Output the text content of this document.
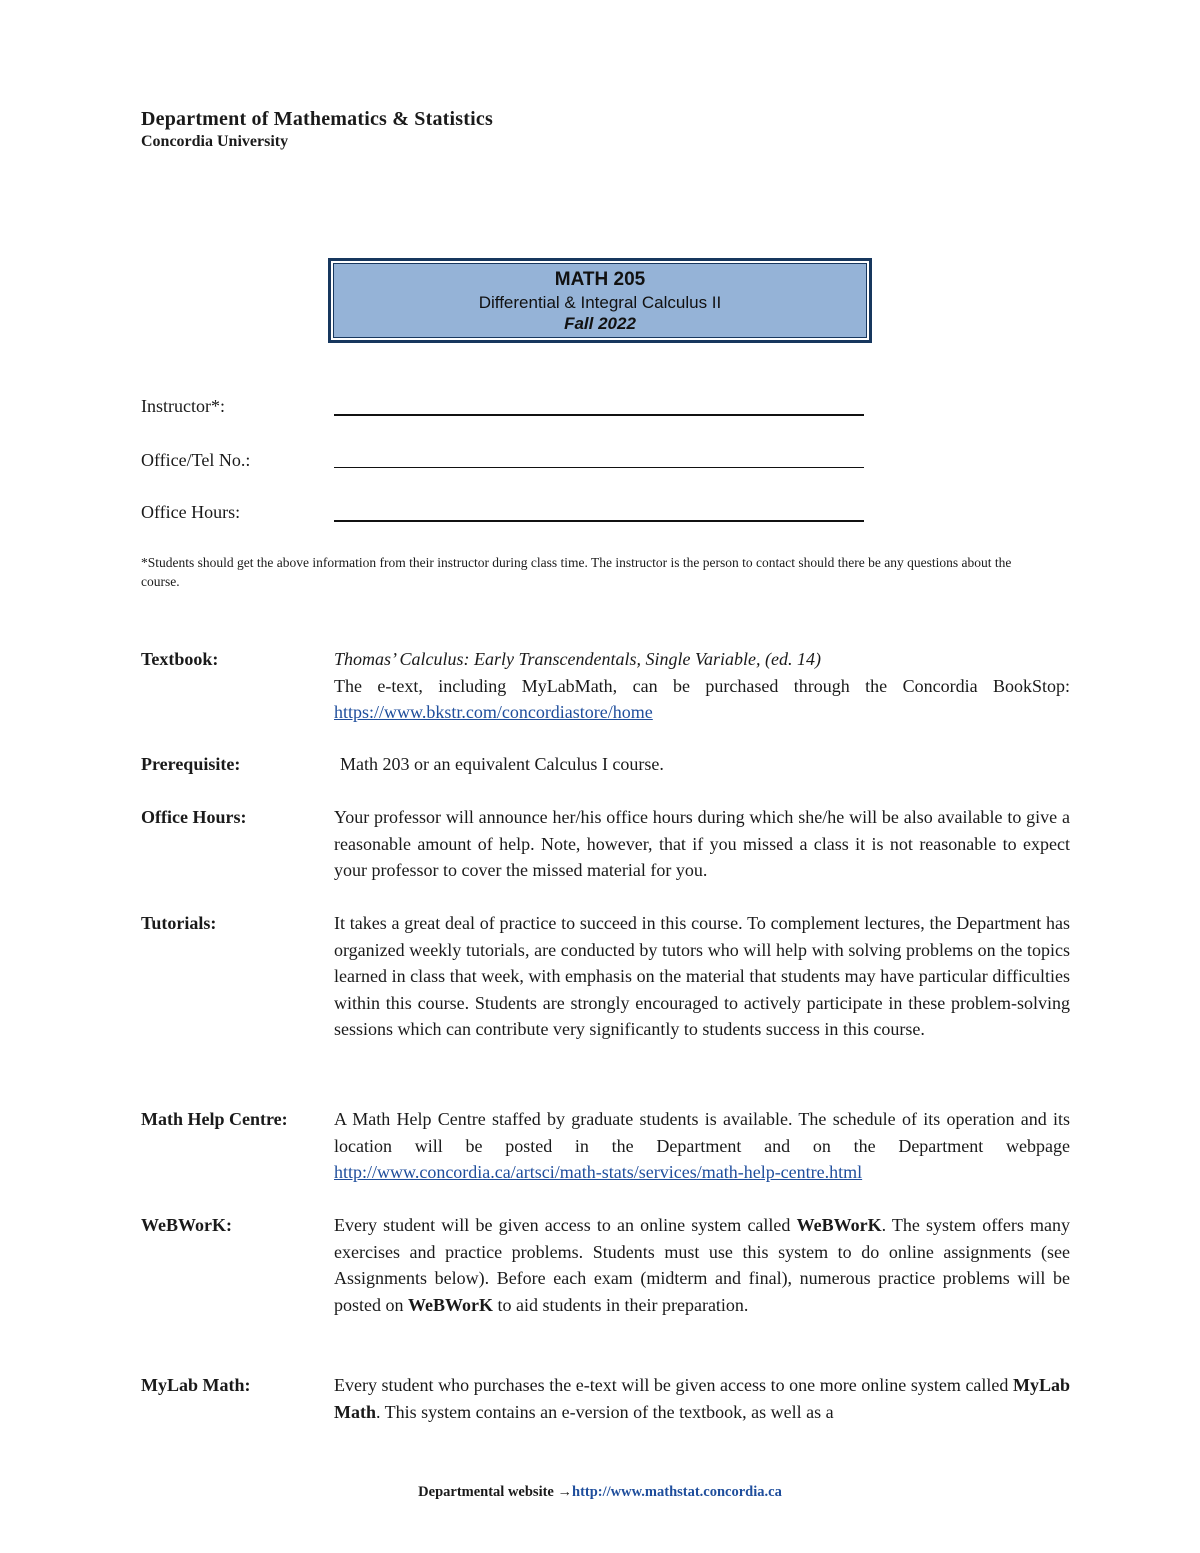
Department of Mathematics & Statistics
Concordia University
MATH 205
Differential & Integral Calculus II
Fall 2022
Instructor*:
Office/Tel No.:
Office Hours:
*Students should get the above information from their instructor during class time. The instructor is the person to contact should there be any questions about the course.
Textbook:	Thomas’ Calculus: Early Transcendentals, Single Variable, (ed. 14)
The e-text, including MyLabMath, can be purchased through the Concordia BookStop: https://www.bkstr.com/concordiastore/home
Prerequisite:	Math 203 or an equivalent Calculus I course.
Office Hours:	Your professor will announce her/his office hours during which she/he will be also available to give a reasonable amount of help. Note, however, that if you missed a class it is not reasonable to expect your professor to cover the missed material for you.
Tutorials:	It takes a great deal of practice to succeed in this course. To complement lectures, the Department has organized weekly tutorials, are conducted by tutors who will help with solving problems on the topics learned in class that week, with emphasis on the material that students may have particular difficulties within this course. Students are strongly encouraged to actively participate in these problem-solving sessions which can contribute very significantly to students success in this course.
Math Help Centre:	A Math Help Centre staffed by graduate students is available. The schedule of its operation and its location will be posted in the Department and on the Department webpage http://www.concordia.ca/artsci/math-stats/services/math-help-centre.html
WeBWorK:	Every student will be given access to an online system called WeBWorK. The system offers many exercises and practice problems. Students must use this system to do online assignments (see Assignments below). Before each exam (midterm and final), numerous practice problems will be posted on WeBWorK to aid students in their preparation.
MyLab Math:	Every student who purchases the e-text will be given access to one more online system called MyLab Math. This system contains an e-version of the textbook, as well as a
Departmental website →http://www.mathstat.concordia.ca
